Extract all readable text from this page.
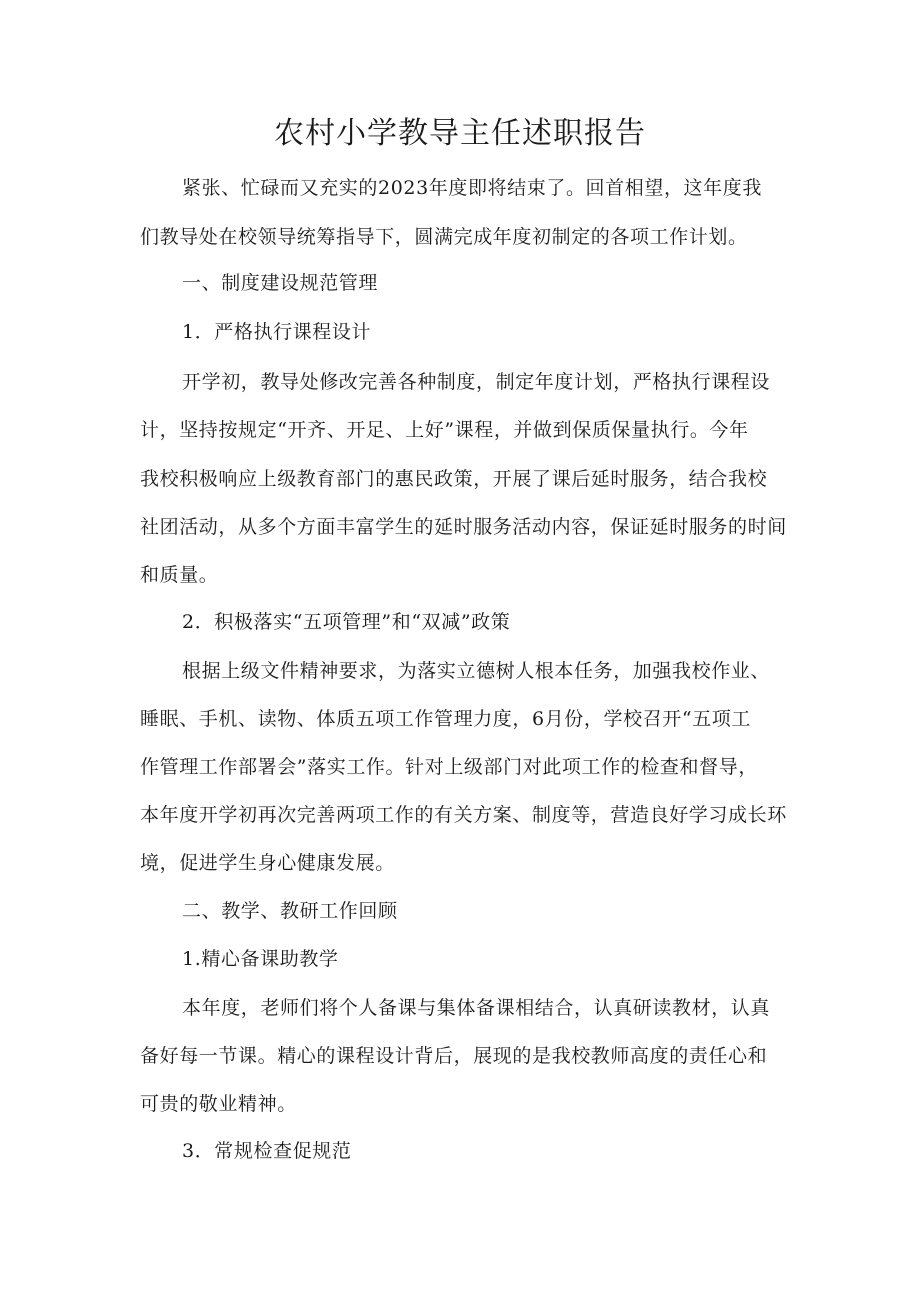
农村小学教导主任述职报告
紧张、忙碌而又充实的2023年度即将结束了。回首相望，这年度我
们教导处在校领导统筹指导下，圆满完成年度初制定的各项工作计划。
一、制度建设规范管理
1．严格执行课程设计
开学初，教导处修改完善各种制度，制定年度计划，严格执行课程设
计，坚持按规定“开齐、开足、上好”课程，并做到保质保量执行。今年
我校积极响应上级教育部门的惠民政策，开展了课后延时服务，结合我校
社团活动，从多个方面丰富学生的延时服务活动内容，保证延时服务的时间
和质量。
2．积极落实“五项管理”和“双减”政策
根据上级文件精神要求，为落实立德树人根本任务，加强我校作业、
睡眠、手机、读物、体质五项工作管理力度，6月份，学校召开“五项工
作管理工作部署会”落实工作。针对上级部门对此项工作的检查和督导，
本年度开学初再次完善两项工作的有关方案、制度等，营造良好学习成长环
境，促进学生身心健康发展。
二、教学、教研工作回顾
1.精心备课助教学
本年度，老师们将个人备课与集体备课相结合，认真研读教材，认真
备好每一节课。精心的课程设计背后，展现的是我校教师高度的责任心和
可贵的敬业精神。
3．常规检查促规范
